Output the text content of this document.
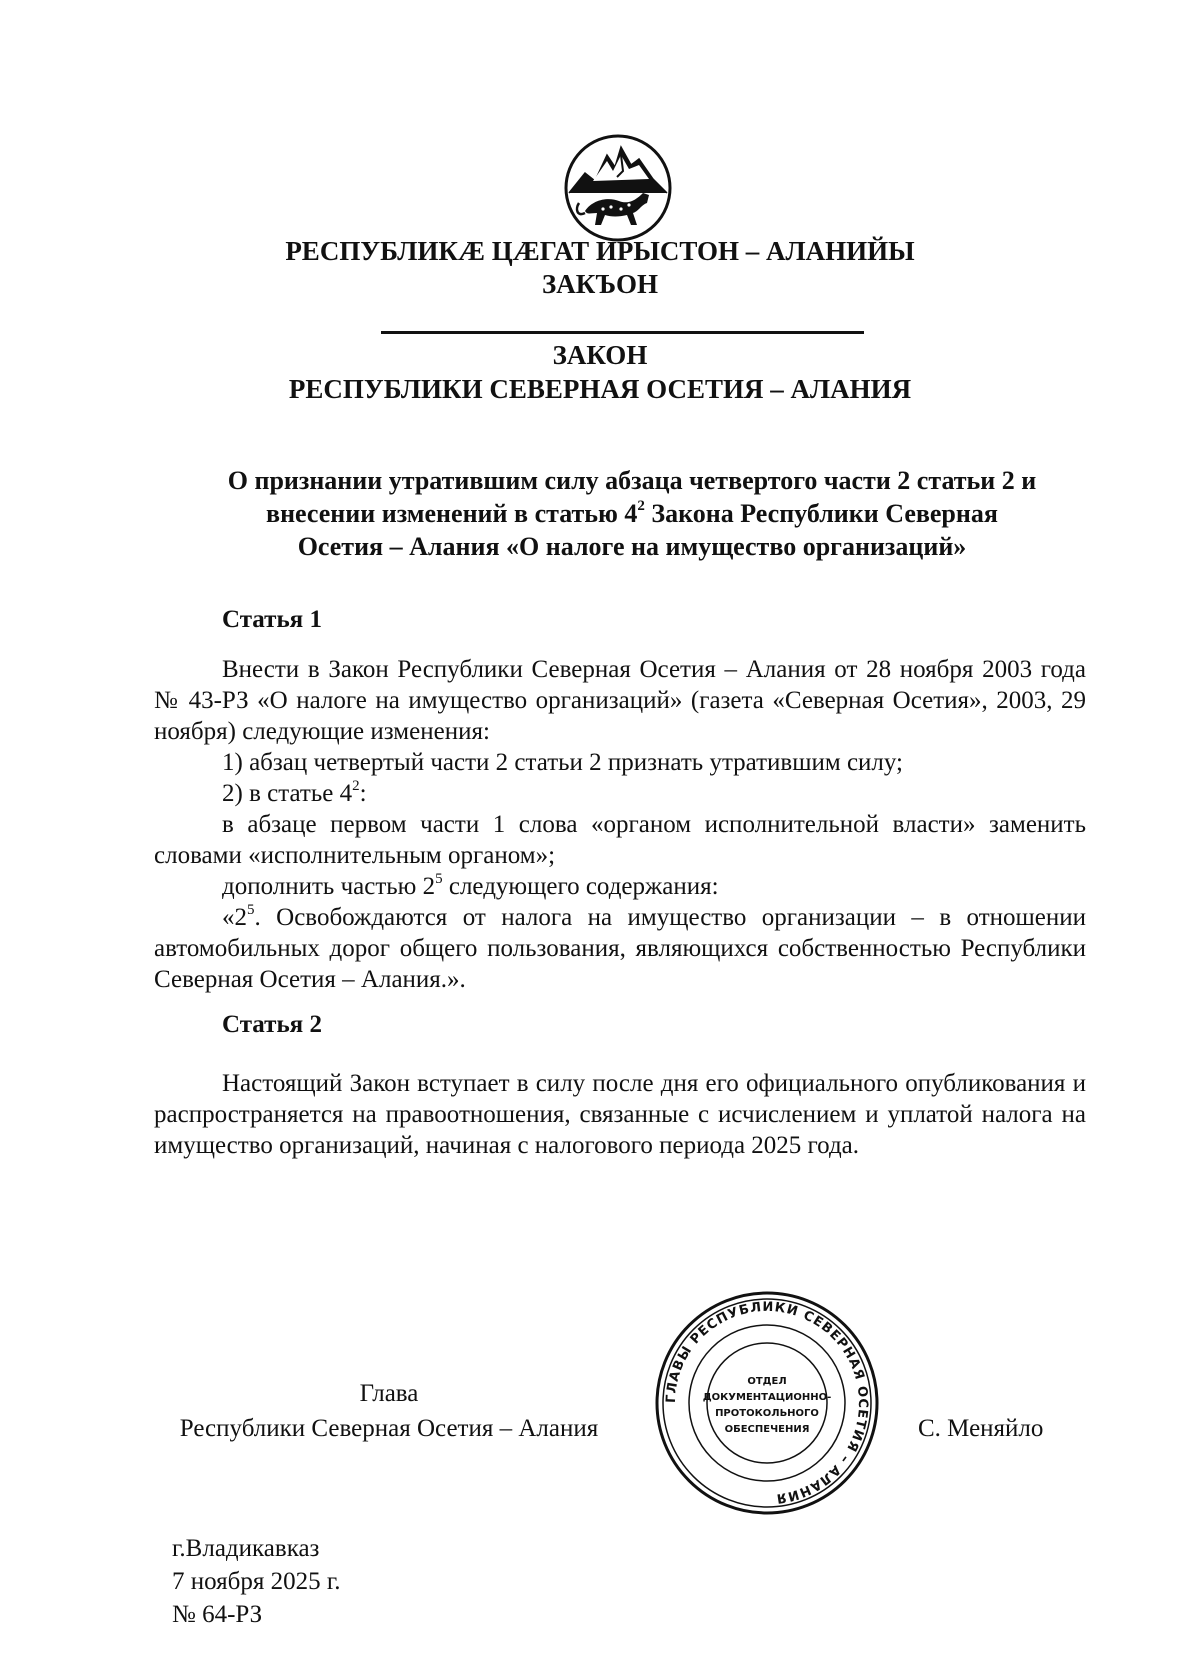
РЕСПУБЛИКӔ ЦӔГАТ ИРЫСТОН – АЛАНИЙЫ
ЗАКЪОН
ЗАКОН
РЕСПУБЛИКИ СЕВЕРНАЯ ОСЕТИЯ – АЛАНИЯ
О признании утратившим силу абзаца четвертого части 2 статьи 2 и
внесении изменений в статью $4^2$ Закона Республики Северная
Осетия – Алания «О налоге на имущество организаций»
Статья 1

Внести в Закон Республики Северная Осетия – Алания от 28 ноября 2003 года № 43-РЗ «О налоге на имущество организаций» (газета «Северная Осетия», 2003, 29 ноября) следующие изменения:

1) абзац четвертый части 2 статьи 2 признать утратившим силу;
2) в статье $4^2$:

в абзаце первом части 1 слова «органом исполнительной власти» заменить словами «исполнительным органом»;

дополнить частью $2^5$ следующего содержания:

«$2^5$. Освобождаются от налога на имущество организации – в отношении автомобильных дорог общего пользования, являющихся собственностью Республики Северная Осетия – Алания.».

Статья 2

Настоящий Закон вступает в силу после дня его официального опубликования и распространяется на правоотношения, связанные с исчислением и уплатой налога на имущество организаций, начиная с налогового периода 2025 года.

Глава
Республики Северная Осетия – Алания	С. Меняйло
ГЛАВЫ РЕСПУБЛИКИ СЕВЕРНАЯ ОСЕТИЯ – АЛАНИЯ
ОТДЕЛ
ДОКУМЕНТАЦИОННО-
ПРОТОКОЛЬНОГО
ОБЕСПЕЧЕНИЯ
г.Владикавказ
7 ноября 2025 г.
№ 64-РЗ
